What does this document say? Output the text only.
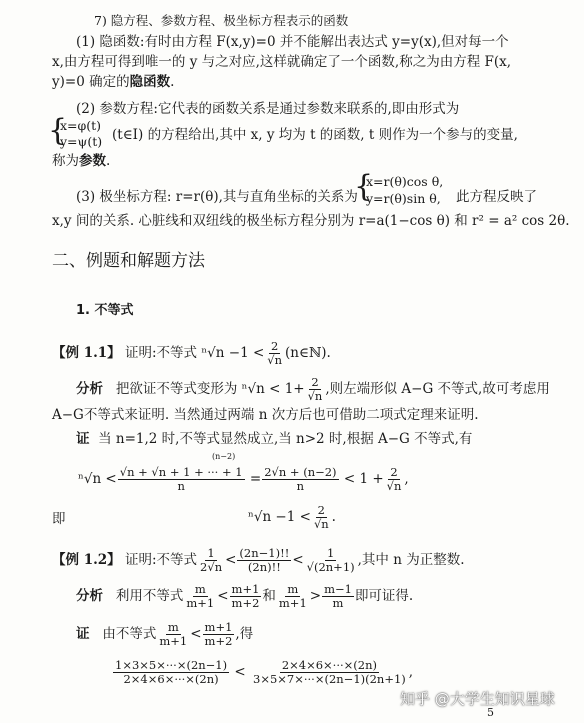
7) 隐方程、参数方程、极坐标方程表示的函数
(1) 隐函数:有时由方程 F(x,y)=0 并不能解出表达式 y=y(x),但对每一个
x,由方程可得到唯一的 y 与之对应,这样就确定了一个函数,称之为由方程 F(x,
y)=0 确定的隐函数.
(2) 参数方程:它代表的函数关系是通过参数来联系的,即由形式为
{
x=φ(t)
y=ψ(t) (t∈I) 的方程给出,其中 x, y 均为 t 的函数, t 则作为一个参与的变量,
称为参数.
(3) 极坐标方程: r=r(θ),其与直角坐标的关系为
{
x=r(θ)cos θ,
y=r(θ)sin θ, 此方程反映了
x,y 间的关系. 心脏线和双纽线的极坐标方程分别为 r=a(1−cos θ) 和 r² = a² cos 2θ.
二、例题和解题方法
1. 不等式
【例 1.1】 证明:不等式 $^n√n -1 < \frac{2}{√n}$ (n∈ℕ).
分析 把欲证不等式变形为 $^n√n < 1+ \frac{2}{√n}$ ,则左端形似 A−G 不等式,故可考虑用
A−G不等式来证明. 当然通过两端 n 次方后也可借助二项式定理来证明.
证 当 n=1,2 时,不等式显然成立,当 n>2 时,根据 A−G 不等式,有
(n−2)
$^n√n < \frac{√n + √n + 1 + \cdot\cdot\cdot + 1}{n} = \frac{2√n + (n-2)}{n} < 1 + \frac{2}{√n}$ ,
即	$^n√n -1 < \frac{2}{√n}$ .
【例 1.2】 证明:不等式 $\frac{1}{2√n} < \frac{(2n-1)!!}{(2n)!!} < \frac{1}{√(2n+1)}$ ,其中 n 为正整数.
分析 利用不等式 $\frac{m}{m+1} < \frac{m+1}{m+2}$ 和 $\frac{m}{m+1} > \frac{m-1}{m}$ 即可证得.
证 由不等式 $\frac{m}{m+1} < \frac{m+1}{m+2}$ ,得
$\frac{1\times 3\times 5\times\cdot\cdot\cdot\times(2n-1)}{2\times 4\times 6\times\cdot\cdot\cdot\times(2n)} < \frac{2\times 4\times 6\times\cdot\cdot\cdot\times(2n)}{3\times 5\times 7\times\cdot\cdot\cdot\times(2n-1)(2n+1)}$ ,
知乎 @大学生知识星球
5
